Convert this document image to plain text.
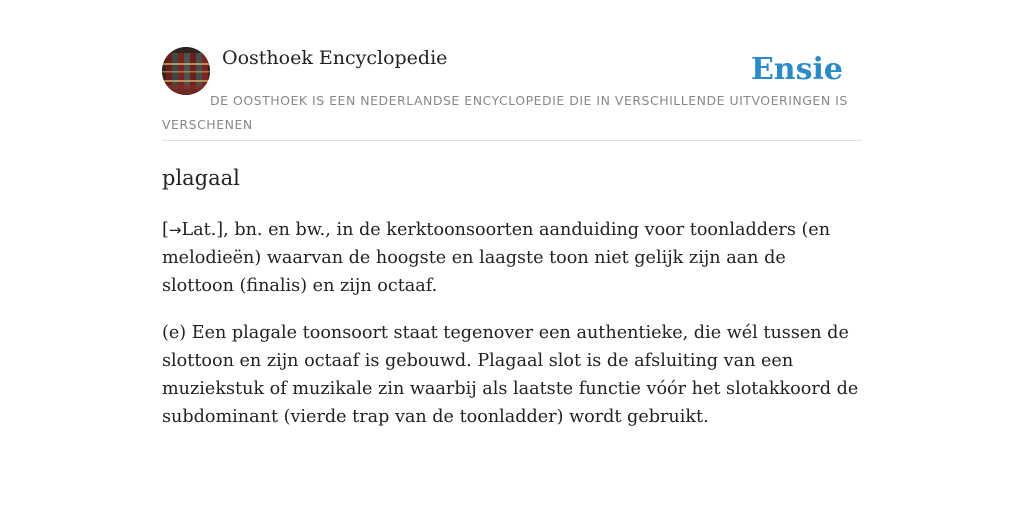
Oosthoek Encyclopedie	Ensie
DE OOSTHOEK IS EEN NEDERLANDSE ENCYCLOPEDIE DIE IN VERSCHILLENDE UITVOERINGEN IS VERSCHENEN
plagaal

[→Lat.], bn. en bw., in de kerktoonsoorten aanduiding voor toonladders (en melodieën) waarvan de hoogste en laagste toon niet gelijk zijn aan de slottoon (finalis) en zijn octaaf.

(e) Een plagale toonsoort staat tegenover een authentieke, die wél tussen de slottoon en zijn octaaf is gebouwd. Plagaal slot is de afsluiting van een muziekstuk of muzikale zin waarbij als laatste functie vóór het slotakkoord de subdominant (vierde trap van de toonladder) wordt gebruikt.
